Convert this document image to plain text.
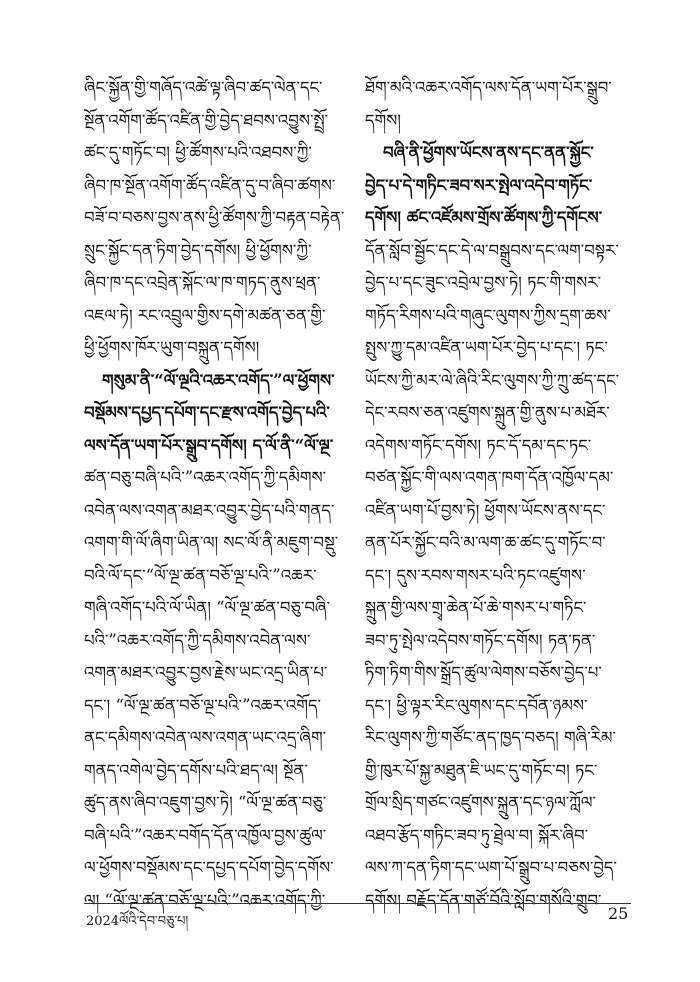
ཞིང་སྐྱོན་གྱི་གཞོད་འཚེ་ལྟ་ཞིབ་ཚད་ལེན་དང་
སྔོན་འགོག་ཚོད་འཛིན་གྱི་བྱེད་ཐབས་འབྱུས་སྤྲོ་
ཚང་དུ་གཏོང་བ། ཕྱི་ཚོགས་པའི་འཐབས་ཀྱི་
ཞིབ་ཁ་སྔོན་འགོག་ཚོད་འཛིན་དུ་བ་ཞིབ་ཚགས་
བཟོ་བ་བཅས་བྱས་ནས་ཕྱི་ཚོགས་ཀྱི་བརྟན་བརྟེན་
སྲུང་སྐྱོང་དན་ཏིག་བྱེད་དགོས། ཕྱི་ཕྱོགས་ཀྱི་
ཞིབ་ཁ་དང་འབྲེན་སྐོང་ལ་ཁ་གཏད་ནུས་ཕྲན་
འཇལ་ཏེ། རང་འབྲུལ་གྱིས་དགེ་མཚན་ཅན་གྱི་
ཕྱི་ཕྱོགས་ཁོར་ཡུག་བསྐྲུན་དགོས།
གསུམ་ནི་“ལོ་ལྔའི་འཆར་འགོད་”ལ་ཕྱོགས་
བསྡོམས་དཔྱད་དཔོག་དང་རྫས་འགོད་བྱེད་པའི་
ལས་དོན་ཡག་པོར་སྒྲུབ་དགོས། ད་ལོ་ནི་“ལོ་ལྔ་
ཚན་བཅུ་བཞི་པའི་”འཆར་འགོད་ཀྱི་དམིགས་
འབེན་ལས་འགན་མཐར་འབྱུར་བྱེད་པའི་གནད་
འགག་གི་ལོ་ཞིག་ཡིན་ལ། སང་ལོ་ནི་མཇུག་བསྡུ་
བའི་ལོ་དང་“ལོ་ལྔ་ཚན་བཅོ་ལྔ་པའི་”འཆར་
གཞི་འགོད་པའི་ལོ་ཡིན། “ལོ་ལྔ་ཚན་བཅུ་བཞི་
པའི་”འཆར་འགོད་ཀྱི་དམིགས་འབེན་ལས་
འགན་མཐར་འབྱུར་བྱས་རྗེས་ཡང་འདྲ་ཡིན་པ་
དང་། “ལོ་ལྔ་ཚན་བཅོ་ལྔ་པའི་”འཆར་འགོད་
ནང་དམིགས་འབེན་ལས་འགན་ཡང་འདྲ་ཞིག་
གནད་འགེལ་བྱེད་དགོས་པའི་ཐད་ལ། སྔོན་
ཚུད་ནས་ཞིབ་འཇུག་བྱས་ཏེ། “ལོ་ལྔ་ཚན་བཅུ་
བཞི་པའི་”འཆར་བགོད་དོན་འཁྱོལ་བྱས་ཚུལ་
ལ་ཕྱོགས་བསྡོམས་དང་དཔྱད་དཔོག་བྱེད་དགོས་
ལ། “ལོ་ལྔ་ཚན་བཅོ་ལྔ་པའི་”འཆར་འགོད་ཀྱི་
ཐོག་མའི་འཆར་འགོད་ལས་དོན་ཡག་པོར་སྒྲུབ་
དགོས།
བཞི་ནི་ཕྱོགས་ཡོངས་ནས་དང་ནན་སྐྱོང་
བྱེད་པ་དེ་གཏིང་ཟབ་སར་སྤེལ་འདེབ་གཏོང་
དགོས། ཚང་འཛོམས་གྲོས་ཚོགས་ཀྱི་དགོངས་
དོན་སློབ་སྦྱོང་དང་དེ་ལ་བསྒྲུབས་དང་ལག་བསྟར་
བྱེད་པ་དང་ཟུང་འབྲེལ་བྱས་ཏེ། ཏང་གི་གསར་
གཏོད་རིགས་པའི་གཞུང་ལུགས་ཀྱིས་དྲག་ཆས་
སྤུས་ཀྱུ་དམ་འཛིན་ཡག་པོར་བྱེད་པ་དང་། ཏང་
ཡོངས་ཀྱི་མར་ལེ་ཞིའི་རིང་ལུགས་ཀྱི་ཀྲུ་ཚད་དང་
དེང་རབས་ཅན་འཛུགས་སྐྲུན་གྱི་ནུས་པ་མཐོར་
འདེགས་གཏོང་དགོས། ཏང་དོ་དམ་དང་ཏང་
བཙན་སྐྱོང་གི་ལས་འགན་ཁག་དོན་འཁྱོལ་དམ་
འཛིན་ཡག་པོ་བྱས་ཏེ། ཕྱོགས་ཡོངས་ནས་དང་
ནན་པོར་སྐྱོང་བའི་མ་ལག་ཆ་ཚང་དུ་གཏོང་བ་
དང་། དུས་རབས་གསར་པའི་ཏང་འཛུགས་
སྐྲུན་གྱི་ལས་གྲྭ་ཆེན་པོ་ཆེ་གསར་པ་གཏིང་
ཟབ་ཏུ་སྤེལ་འདེབས་གཏོང་དགོས། ཏན་ཏན་
ཏིག་ཏིག་གིས་སྒྲོད་ཚུལ་ལེགས་བཅོས་བྱེད་པ་
དང་། ཕྱི་ལྟར་རིང་ལུགས་དང་དབོན་ཉམས་
རིང་ལུགས་ཀྱི་གཙོང་ནད་ཁྱད་བཅད། གཞི་རིམ་
གྱི་ཁུར་པོ་སྐྱ་མཐུན་ཇི་ཡང་དུ་གཏོང་བ། ཏང་
གྲོལ་སྲིད་གཙང་འཛུགས་སྐྲུན་དང་ཉལ་ཀློལ་
འཐབ་རྩོད་གཏིང་ཟབ་ཏུ་ཐྲེལ་བ། སྐོར་ཞིབ་
ལས་ཀ་དན་ཏིག་དང་ཡག་པོ་སྒྲུབ་པ་བཅས་བྱེད་
དགོས། བརྗོད་དོན་གཙོ་བོའི་སློབ་གསོའི་གྲུབ་
2024ལོའི་དེབ་བཅུ་པ།	25
